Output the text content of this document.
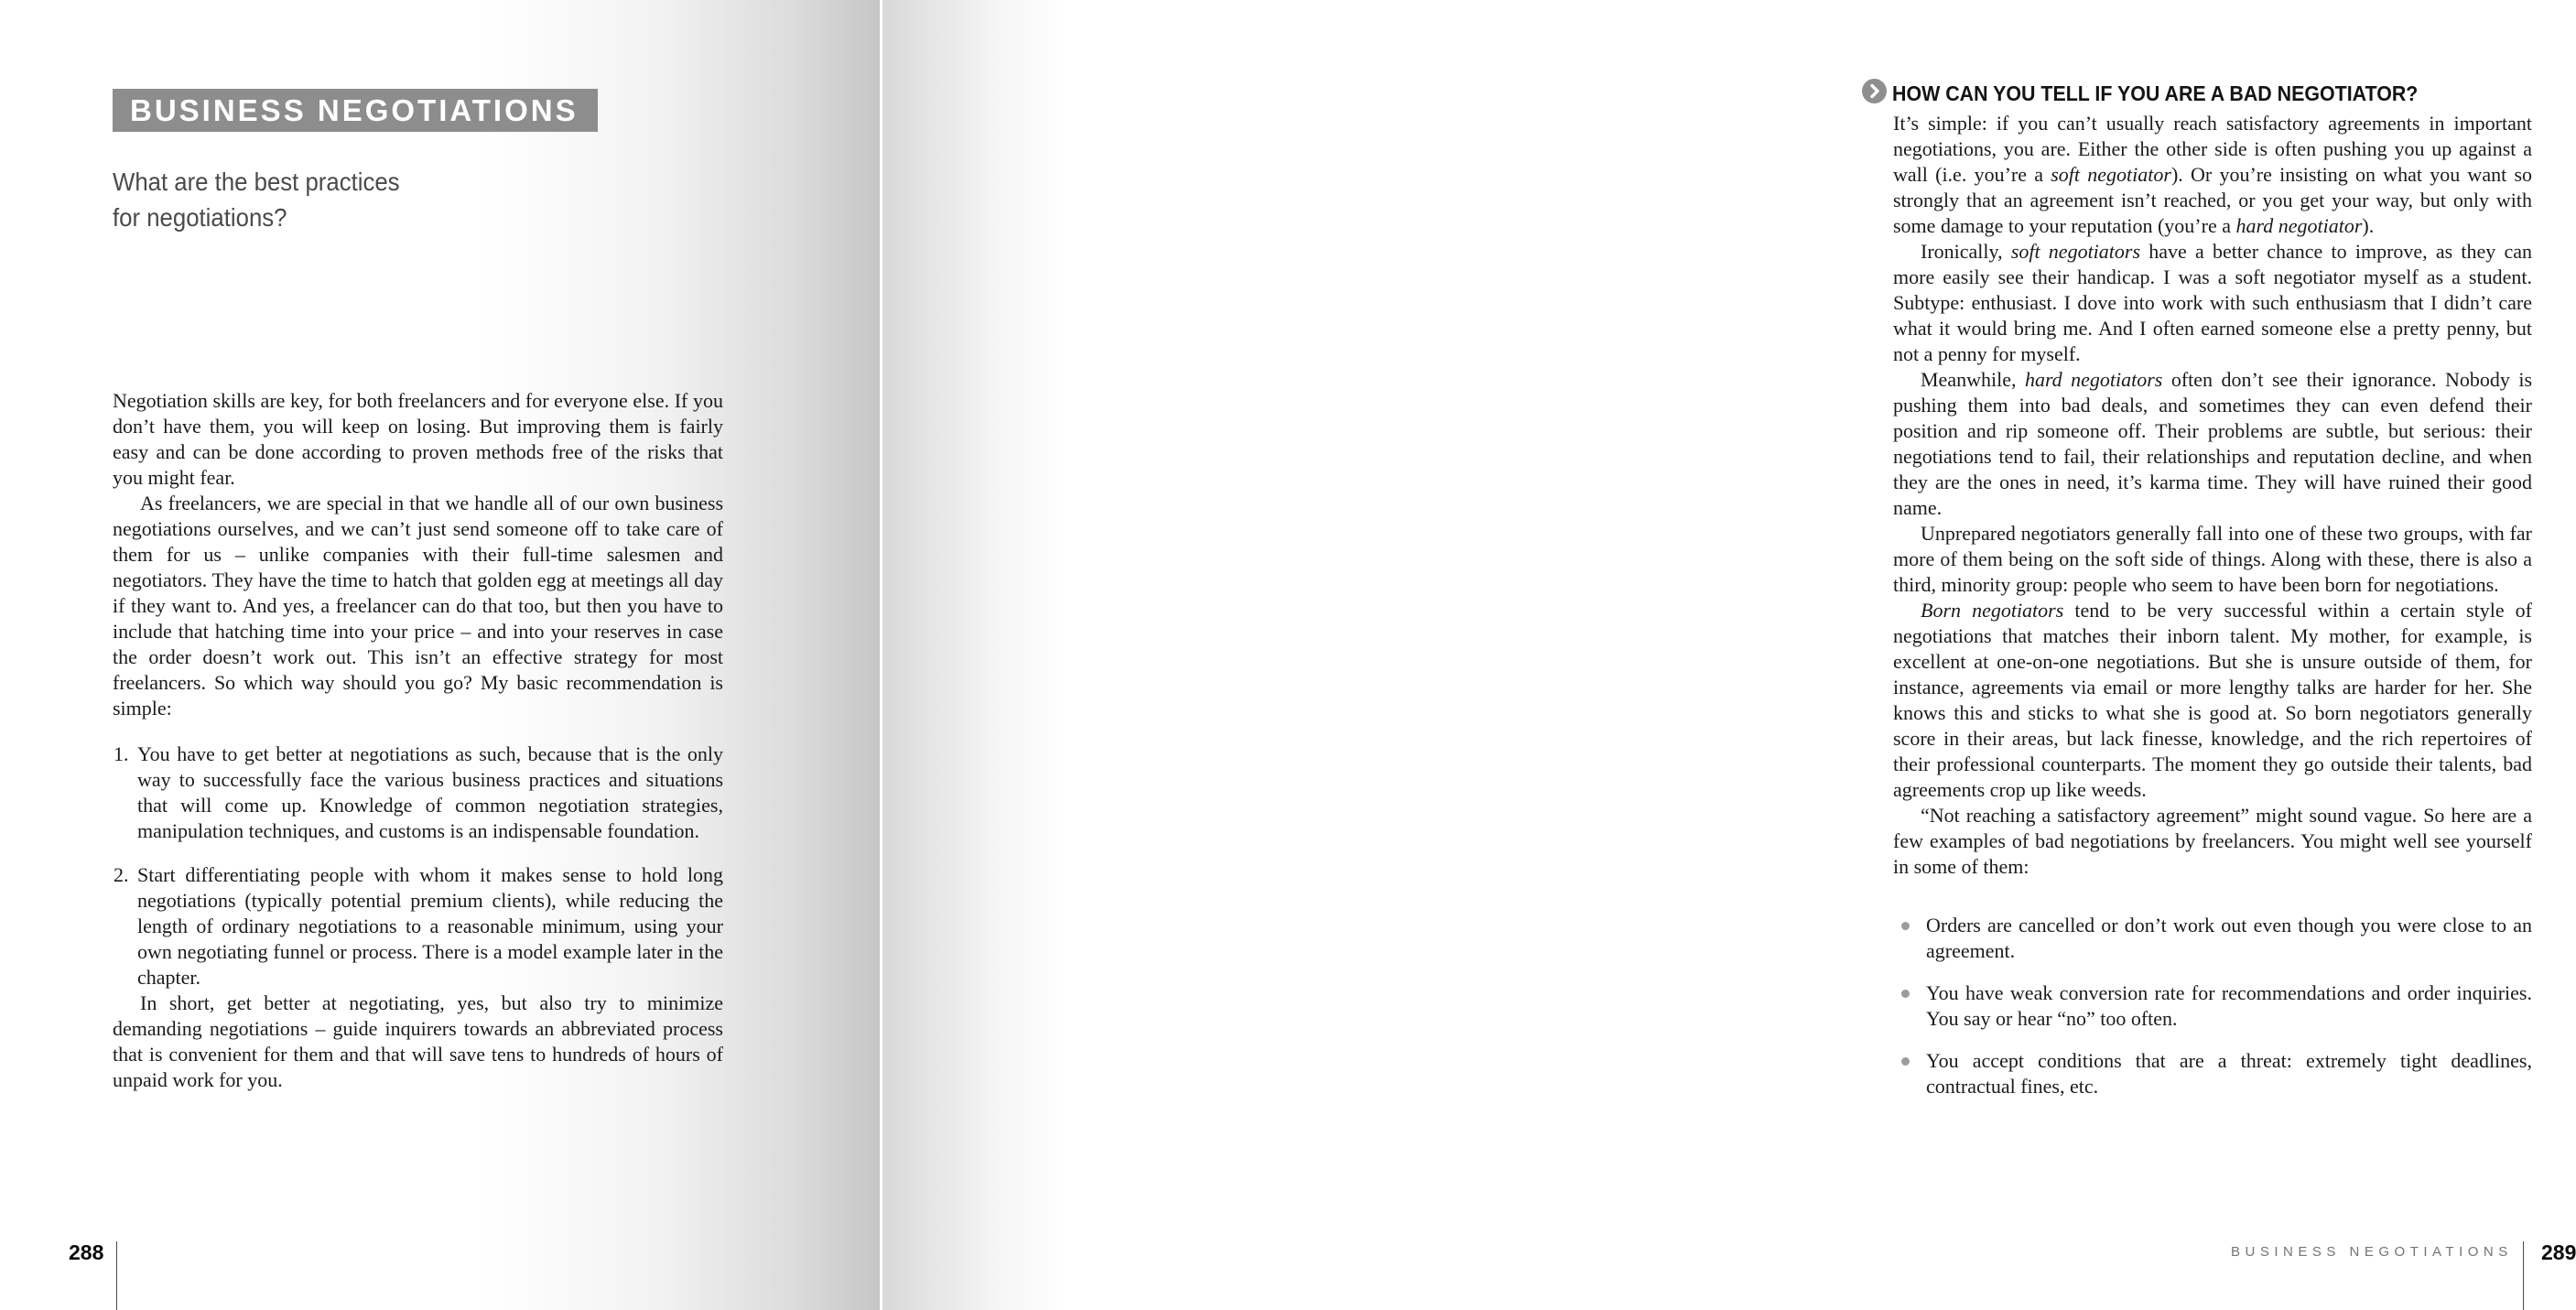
BUSINESS NEGOTIATIONS
What are the best practices
for negotiations?

Negotiation skills are key, for both freelancers and for everyone else. If you don’t have them, you will keep on losing. But improving them is fairly easy and can be done according to proven methods free of the risks that you might fear.

As freelancers, we are special in that we handle all of our own business negotiations ourselves, and we can’t just send someone off to take care of them for us – unlike companies with their full-time salesmen and negotiators. They have the time to hatch that golden egg at meetings all day if they want to. And yes, a freelancer can do that too, but then you have to include that hatching time into your price – and into your reserves in case the order doesn’t work out. This isn’t an effective strategy for most freelancers. So which way should you go? My basic recommendation is simple:

1. You have to get better at negotiations as such, because that is the only way to successfully face the various business practices and situations that will come up. Knowledge of common negotiation strategies, manipulation techniques, and customs is an indispensable foundation.

2. Start differentiating people with whom it makes sense to hold long negotiations (typically potential premium clients), while reducing the length of ordinary negotiations to a reasonable minimum, using your own negotiating funnel or process. There is a model example later in the chapter.

In short, get better at negotiating, yes, but also try to minimize demanding negotiations – guide inquirers towards an abbreviated process that is convenient for them and that will save tens to hundreds of hours of unpaid work for you.

288
HOW CAN YOU TELL IF YOU ARE A BAD NEGOTIATOR?

It’s simple: if you can’t usually reach satisfactory agreements in important negotiations, you are. Either the other side is often pushing you up against a wall (i.e. you’re a soft negotiator). Or you’re insisting on what you want so strongly that an agreement isn’t reached, or you get your way, but only with some damage to your reputation (you’re a hard negotiator).

Ironically, soft negotiators have a better chance to improve, as they can more easily see their handicap. I was a soft negotiator myself as a student. Subtype: enthusiast. I dove into work with such enthusiasm that I didn’t care what it would bring me. And I often earned someone else a pretty penny, but not a penny for myself.

Meanwhile, hard negotiators often don’t see their ignorance. Nobody is pushing them into bad deals, and sometimes they can even defend their position and rip someone off. Their problems are subtle, but serious: their negotiations tend to fail, their relationships and reputation decline, and when they are the ones in need, it’s karma time. They will have ruined their good name.

Unprepared negotiators generally fall into one of these two groups, with far more of them being on the soft side of things. Along with these, there is also a third, minority group: people who seem to have been born for negotiations.

Born negotiators tend to be very successful within a certain style of negotiations that matches their inborn talent. My mother, for example, is excellent at one-on-one negotiations. But she is unsure outside of them, for instance, agreements via email or more lengthy talks are harder for her. She knows this and sticks to what she is good at. So born negotiators generally score in their areas, but lack finesse, knowledge, and the rich repertoires of their professional counterparts. The moment they go outside their talents, bad agreements crop up like weeds.

“Not reaching a satisfactory agreement” might sound vague. So here are a few examples of bad negotiations by freelancers. You might well see yourself in some of them:

Orders are cancelled or don’t work out even though you were close to an agreement.

You have weak conversion rate for recommendations and order inquiries. You say or hear “no” too often.

You accept conditions that are a threat: extremely tight deadlines, contractual fines, etc.

BUSINESS NEGOTIATIONS 289
